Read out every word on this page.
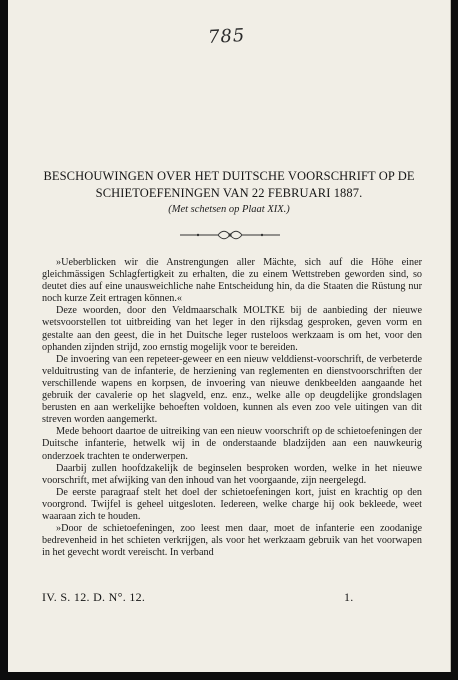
785
BESCHOUWINGEN OVER HET DUITSCHE VOORSCHRIFT OP DE
SCHIETOEFENINGEN VAN 22 FEBRUARI 1887.
(Met schetsen op Plaat XIX.)

»Ueberblicken wir die Anstrengungen aller Mächte, sich auf die Höhe einer gleichmässigen Schlagfertigkeit zu erhalten, die zu einem Wettstreben geworden sind, so deutet dies auf eine unausweichliche nahe Entscheidung hin, da die Staaten die Rüstung nur noch kurze Zeit ertragen können.«

Deze woorden, door den Veldmaarschalk MOLTKE bij de aanbieding der nieuwe wetsvoorstellen tot uitbreiding van het leger in den rijksdag gesproken, geven vorm en gestalte aan den geest, die in het Duitsche leger rusteloos werkzaam is om het, voor den ophanden zijnden strijd, zoo ernstig mogelijk voor te bereiden.

De invoering van een repeteer-geweer en een nieuw velddienst-voorschrift, de verbeterde velduitrusting van de infanterie, de herziening van reglementen en dienstvoorschriften der verschillende wapens en korpsen, de invoering van nieuwe denkbeelden aangaande het gebruik der cavalerie op het slagveld, enz. enz., welke alle op deugdelijke grondslagen berusten en aan werkelijke behoeften voldoen, kunnen als even zoo vele uitingen van dit streven worden aangemerkt.

Mede behoort daartoe de uitreiking van een nieuw voorschrift op de schietoefeningen der Duitsche infanterie, hetwelk wij in de onderstaande bladzijden aan een nauwkeurig onderzoek trachten te onderwerpen.

Daarbij zullen hoofdzakelijk de beginselen besproken worden, welke in het nieuwe voorschrift, met afwijking van den inhoud van het voorgaande, zijn neergelegd.

De eerste paragraaf stelt het doel der schietoefeningen kort, juist en krachtig op den voorgrond. Twijfel is geheel uitgesloten. Iedereen, welke charge hij ook bekleede, weet waaraan zich te houden.

»Door de schietoefeningen, zoo leest men daar, moet de infanterie een zoodanige bedrevenheid in het schieten verkrijgen, als voor het werkzaam gebruik van het voorwapen in het gevecht wordt vereischt. In verband

IV. S. 12. D. N°. 12.	1.
